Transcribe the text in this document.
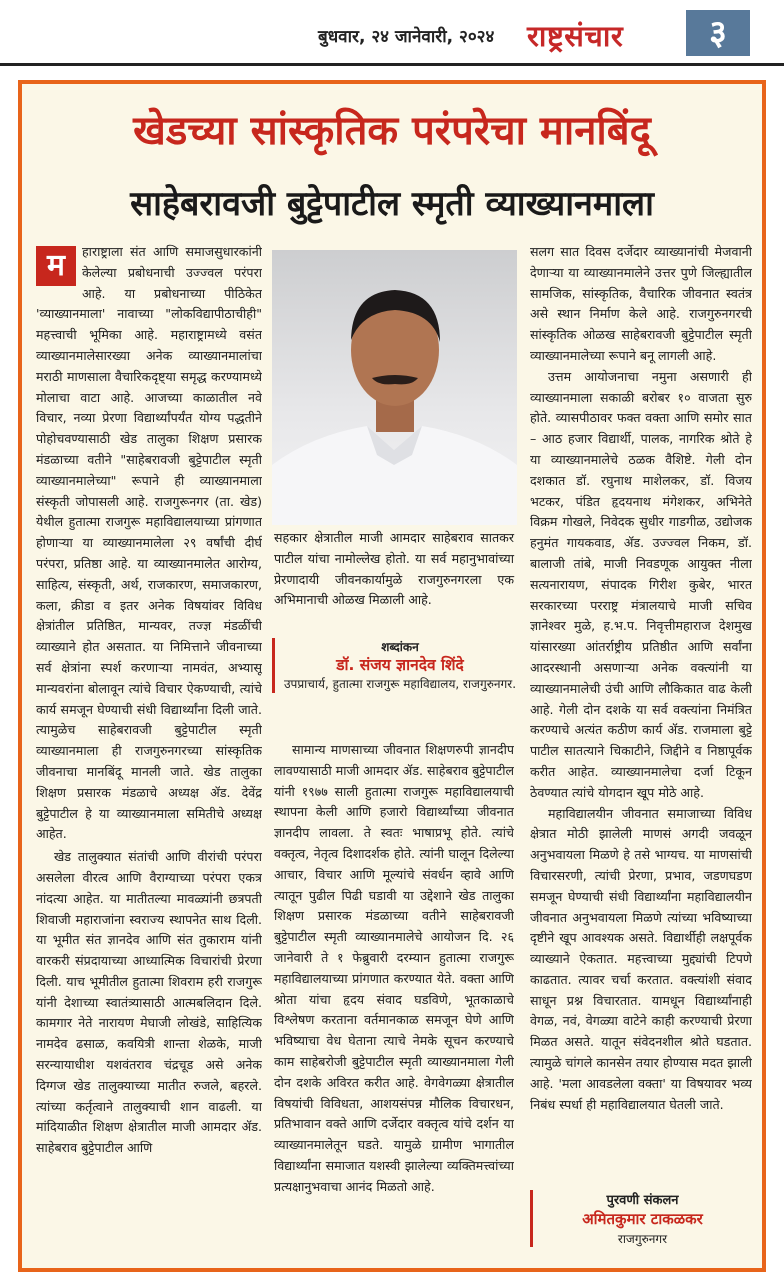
बुधवार, २४ जानेवारी, २०२४ राष्ट्रसंचार	३
खेडच्या सांस्कृतिक परंपरेचा मानबिंदू
साहेबरावजी बुट्टेपाटील स्मृती व्याख्यानमाला
म	हाराष्ट्राला संत आणि समाजसुधारकांनी केलेल्या प्रबोधनाची उज्ज्वल परंपरा आहे. या प्रबोधनाच्या पीठिकेत 'व्याख्यानमाला' नावाच्या "लोकविद्यापीठाचीही" महत्त्वाची भूमिका आहे. महाराष्ट्रामध्ये वसंत व्याख्यानमालेसारख्या अनेक व्याख्यानमालांचा मराठी माणसाला वैचारिकदृष्ट्या समृद्ध करण्यामध्ये मोलाचा वाटा आहे. आजच्या काळातील नवे विचार, नव्या प्रेरणा विद्यार्थ्यांपर्यंत योग्य पद्धतीने पोहोचवण्यासाठी खेड तालुका शिक्षण प्रसारक मंडळाच्या वतीने "साहेबरावजी बुट्टेपाटील स्मृती व्याख्यानमालेच्या" रूपाने ही व्याख्यानमाला संस्कृती जोपासली आहे. राजगुरूनगर (ता. खेड) येथील हुतात्मा राजगुरू महाविद्यालयाच्या प्रांगणात होणाऱ्या या व्याख्यानमालेला २९ वर्षांची दीर्घ परंपरा, प्रतिष्ठा आहे. या व्याख्यानमालेत आरोग्य, साहित्य, संस्कृती, अर्थ, राजकारण, समाजकारण, कला, क्रीडा व इतर अनेक विषयांवर विविध क्षेत्रांतील प्रतिष्ठित, मान्यवर, तज्ज्ञ मंडळींची व्याख्याने होत असतात. या निमित्ताने जीवनाच्या सर्व क्षेत्रांना स्पर्श करणाऱ्या नामवंत, अभ्यासू मान्यवरांना बोलावून त्यांचे विचार ऐकण्याची, त्यांचे कार्य समजून घेण्याची संधी विद्यार्थ्यांना दिली जाते. त्यामुळेच साहेबरावजी बुट्टेपाटील स्मृती व्याख्यानमाला ही राजगुरुनगरच्या सांस्कृतिक जीवनाचा मानबिंदू मानली जाते. खेड तालुका शिक्षण प्रसारक मंडळाचे अध्यक्ष ॲड. देवेंद्र बुट्टेपाटील हे या व्याख्यानमाला समितीचे अध्यक्ष आहेत.

खेड तालुक्यात संतांची आणि वीरांची परंपरा असलेला वीरत्व आणि वैराग्याच्या परंपरा एकत्र नांदत्या आहेत. या मातीतल्या मावळ्यांनी छत्रपती शिवाजी महाराजांना स्वराज्य स्थापनेत साथ दिली. या भूमीत संत ज्ञानदेव आणि संत तुकाराम यांनी वारकरी संप्रदायाच्या आध्यात्मिक विचारांची प्रेरणा दिली. याच भूमीतील हुतात्मा शिवराम हरी राजगुरू यांनी देशाच्या स्वातंत्र्यासाठी आत्मबलिदान दिले. कामगार नेते नारायण मेघाजी लोखंडे, साहित्यिक नामदेव ढसाळ, कवयित्री शान्ता शेळके, माजी सरन्यायाधीश यशवंतराव चंद्रचूड असे अनेक दिग्गज खेड तालुक्याच्या मातीत रुजले, बहरले. त्यांच्या कर्तृत्वाने तालुक्याची शान वाढली. या मांदियाळीत शिक्षण क्षेत्रातील माजी आमदार ॲड. साहेबराव बुट्टेपाटील आणि

सहकार क्षेत्रातील माजी आमदार साहेबराव सातकर पाटील यांचा नामोल्लेख होतो. या सर्व महानुभावांच्या प्रेरणादायी जीवनकार्यामुळे राजगुरुनगरला एक अभिमानाची ओळख मिळाली आहे.

शब्दांकन
डॉ. संजय ज्ञानदेव शिंदे
उपप्राचार्य, हुतात्मा राजगुरू महाविद्यालय, राजगुरुनगर.

सामान्य माणसाच्या जीवनात शिक्षणरुपी ज्ञानदीप लावण्यासाठी माजी आमदार ॲड. साहेबराव बुट्टेपाटील यांनी १९७७ साली हुतात्मा राजगुरू महाविद्यालयाची स्थापना केली आणि हजारो विद्यार्थ्यांच्या जीवनात ज्ञानदीप लावला. ते स्वतः भाषाप्रभू होते. त्यांचे वक्तृत्व, नेतृत्व दिशादर्शक होते. त्यांनी घालून दिलेल्या आचार, विचार आणि मूल्यांचे संवर्धन व्हावे आणि त्यातून पुढील पिढी घडावी या उद्देशाने खेड तालुका शिक्षण प्रसारक मंडळाच्या वतीने साहेबरावजी बुट्टेपाटील स्मृती व्याख्यानमालेचे आयोजन दि. २६ जानेवारी ते १ फेब्रुवारी दरम्यान हुतात्मा राजगुरू महाविद्यालयाच्या प्रांगणात करण्यात येते. वक्ता आणि श्रोता यांचा हृदय संवाद घडविणे, भूतकाळाचे विश्लेषण करताना वर्तमानकाळ समजून घेणे आणि भविष्याचा वेध घेताना त्याचे नेमके सूचन करण्याचे काम साहेबरोजी बुट्टेपाटील स्मृती व्याख्यानमाला गेली दोन दशके अविरत करीत आहे. वेगवेगळ्या क्षेत्रातील विषयांची विविधता, आशयसंपन्न मौलिक विचारधन, प्रतिभावान वक्ते आणि दर्जेदार वक्तृत्व यांचे दर्शन या व्याख्यानमालेतून घडते. यामुळे ग्रामीण भागातील विद्यार्थ्यांना समाजात यशस्वी झालेल्या व्यक्तिमत्त्वांच्या प्रत्यक्षानुभवाचा आनंद मिळतो आहे.

सलग सात दिवस दर्जेदार व्याख्यानांची मेजवानी देणाऱ्या या व्याख्यानमालेने उत्तर पुणे जिल्ह्यातील सामजिक, सांस्कृतिक, वैचारिक जीवनात स्वतंत्र असे स्थान निर्माण केले आहे. राजगुरुनगरची सांस्कृतिक ओळख साहेबरावजी बुट्टेपाटील स्मृती व्याख्यानमालेच्या रूपाने बनू लागली आहे.

उत्तम आयोजनाचा नमुना असणारी ही व्याख्यानमाला सकाळी बरोबर १० वाजता सुरु होते. व्यासपीठावर फक्त वक्ता आणि समोर सात – आठ हजार विद्यार्थी, पालक, नागरिक श्रोते हे या व्याख्यानमालेचे ठळक वैशिष्टे. गेली दोन दशकात डॉ. रघुनाथ माशेलकर, डॉ. विजय भटकर, पंडित हृदयनाथ मंगेशकर, अभिनेते विक्रम गोखले, निवेदक सुधीर गाडगीळ, उद्योजक हनुमंत गायकवाड, ॲड. उज्ज्वल निकम, डॉ. बालाजी तांबे, माजी निवडणूक आयुक्त नीला सत्यनारायण, संपादक गिरीश कुबेर, भारत सरकारच्या परराष्ट्र मंत्रालयाचे माजी सचिव ज्ञानेश्वर मुळे, ह.भ.प. निवृत्तीमहाराज देशमुख यांसारख्या आंतर्राष्ट्रीय प्रतिष्ठीत आणि सर्वांना आदरस्थानी असणाऱ्या अनेक वक्त्यांनी या व्याख्यानमालेची उंची आणि लौकिकात वाढ केली आहे. गेली दोन दशके या सर्व वक्त्यांना निमंत्रित करण्याचे अत्यंत कठीण कार्य ॲड. राजमाला बुट्टे पाटील सातत्याने चिकाटीने, जिद्दीने व निष्ठापूर्वक करीत आहेत. व्याख्यानमालेचा दर्जा टिकून ठेवण्यात त्यांचे योगदान खूप मोठे आहे.

महाविद्यालयीन जीवनात समाजाच्या विविध क्षेत्रात मोठी झालेली माणसं अगदी जवळून अनुभवायला मिळणे हे तसे भाग्यच. या माणसांची विचारसरणी, त्यांची प्रेरणा, प्रभाव, जडणघडण समजून घेण्याची संधी विद्यार्थ्यांना महाविद्यालयीन जीवनात अनुभवायला मिळणे त्यांच्या भविष्याच्या दृष्टीने खूप आवश्यक असते. विद्यार्थीही लक्षपूर्वक व्याख्याने ऐकतात. महत्त्वाच्या मुद्द्यांची टिपणे काढतात. त्यावर चर्चा करतात. वक्त्यांशी संवाद साधून प्रश्न विचारतात. यामधून विद्यार्थ्यांनाही वेगळ, नवं, वेगळ्या वाटेने काही करण्याची प्रेरणा मिळत असते. यातून संवेदनशील श्रोते घडतात. त्यामुळे चांगले कानसेन तयार होण्यास मदत झाली आहे. 'मला आवडलेला वक्ता' या विषयावर भव्य निबंध स्पर्धा ही महाविद्यालयात घेतली जाते.

पुरवणी संकलन
अमितकुमार टाकळकर
राजगुरुनगर
